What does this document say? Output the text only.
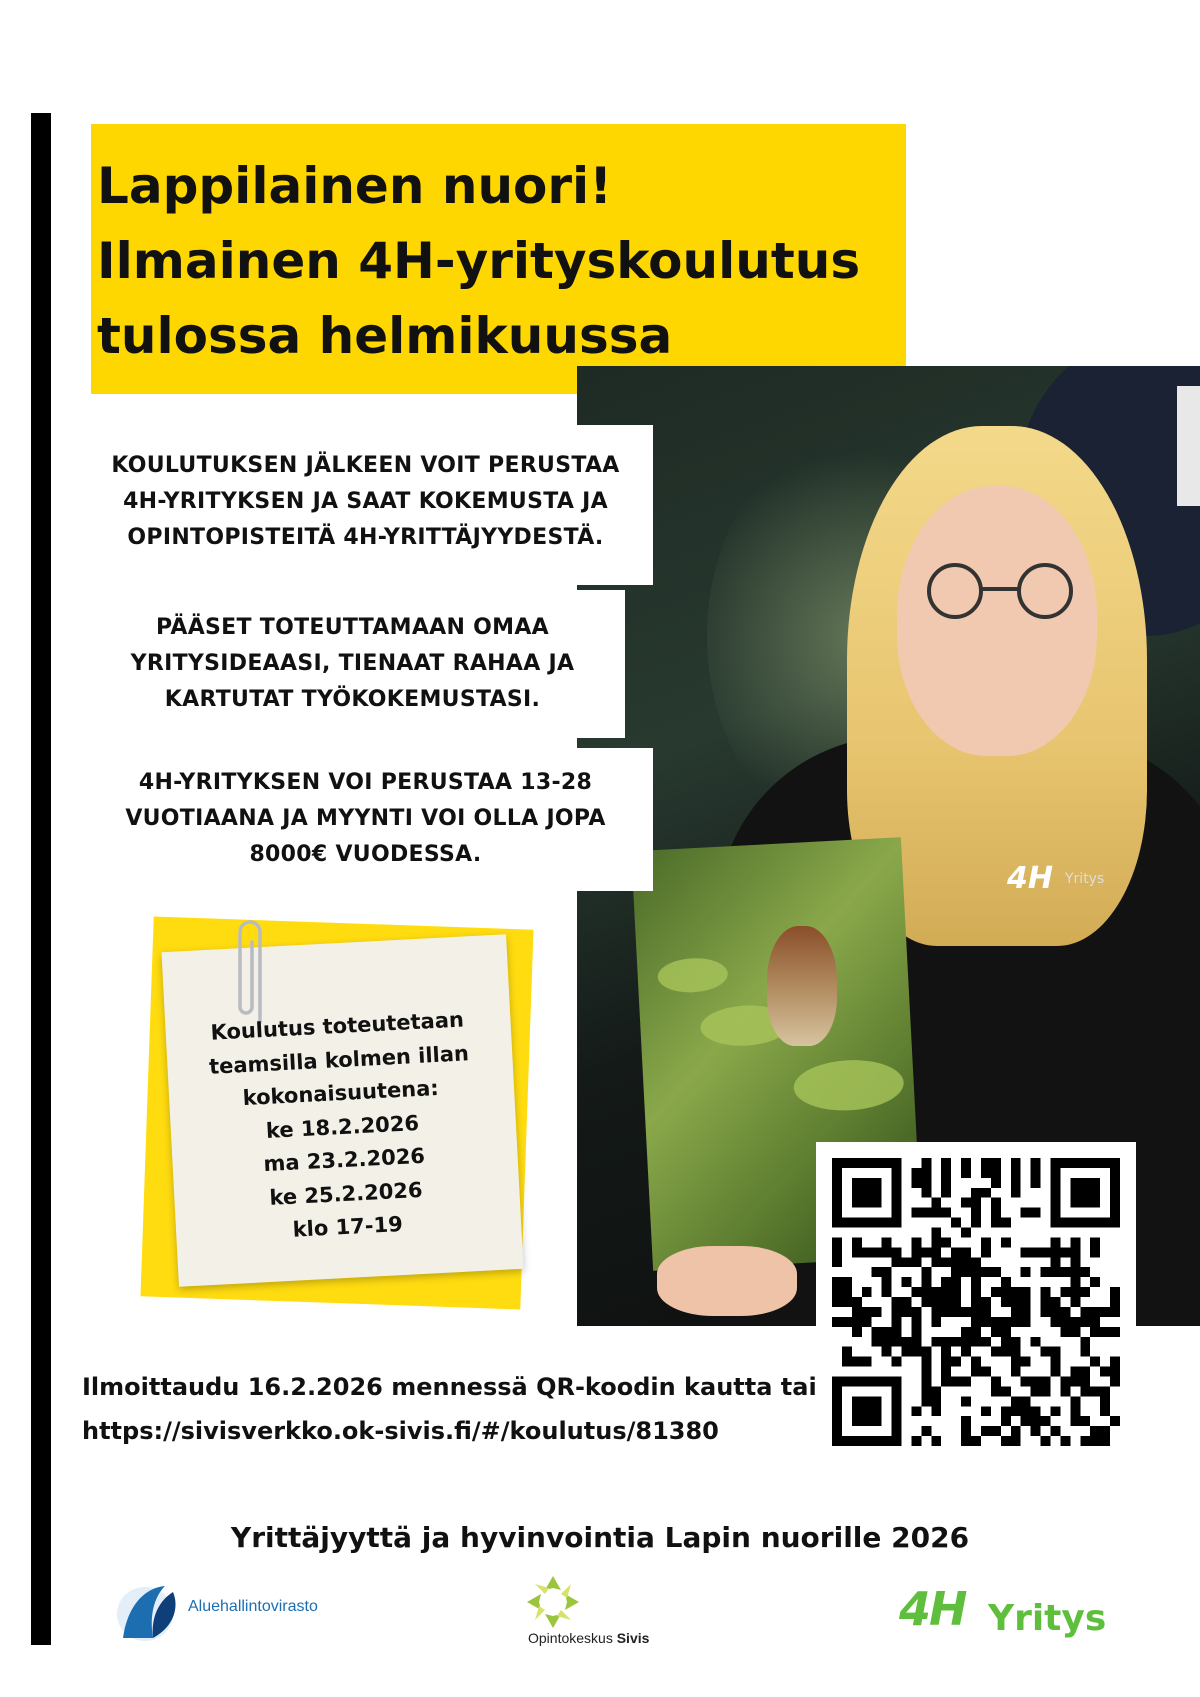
Lappilainen nuori!
Ilmainen 4H-yrityskoulutus
tulossa helmikuussa
4H Yritys
KOULUTUKSEN JÄLKEEN VOIT PERUSTAA
4H-YRITYKSEN JA SAAT KOKEMUSTA JA
OPINTOPISTEITÄ 4H-YRITTÄJYYDESTÄ.
PÄÄSET TOTEUTTAMAAN OMAA
YRITYSIDEAASI, TIENAAT RAHAA JA
KARTUTAT TYÖKOKEMUSTASI.
4H-YRITYKSEN VOI PERUSTAA 13-28
VUOTIAANA JA MYYNTI VOI OLLA JOPA
8000€ VUODESSA.
Koulutus toteutetaan
teamsilla kolmen illan
kokonaisuutena:
ke 18.2.2026
ma 23.2.2026
ke 25.2.2026
klo 17-19
Ilmoittaudu 16.2.2026 mennessä QR-koodin kautta tai
https://sivisverkko.ok-sivis.fi/#/koulutus/81380
Yrittäjyyttä ja hyvinvointia Lapin nuorille 2026
Aluehallintovirasto
Opintokeskus Sivis
4H Yritys
